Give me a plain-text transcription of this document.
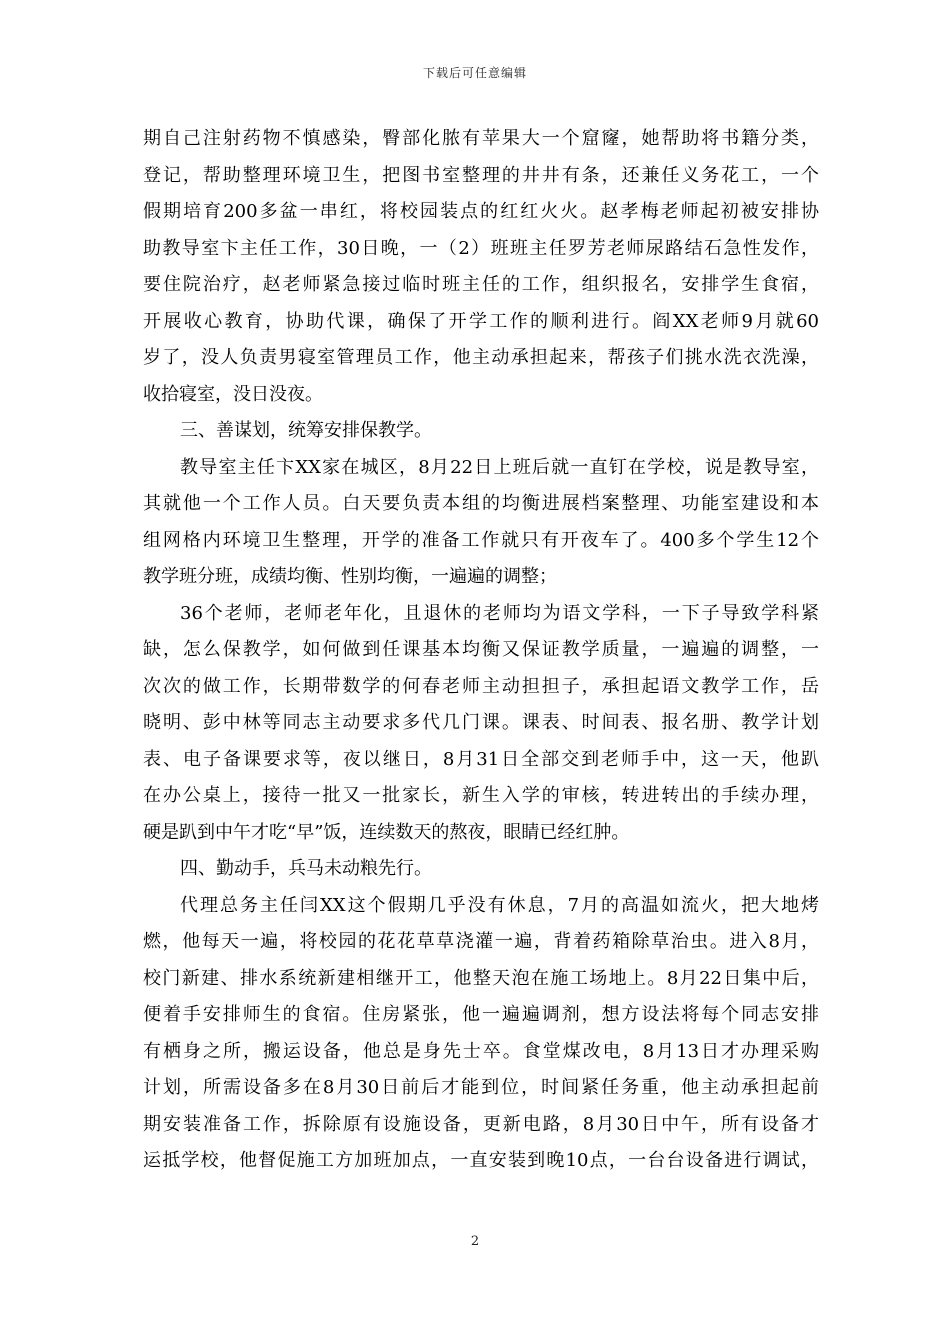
下载后可任意编辑
期自己注射药物不慎感染，臀部化脓有苹果大一个窟窿，她帮助将书籍分类，
登记，帮助整理环境卫生，把图书室整理的井井有条，还兼任义务花工，一个
假期培育200多盆一串红，将校园装点的红红火火。赵孝梅老师起初被安排协
助教导室卞主任工作，30日晚，一（2）班班主任罗芳老师尿路结石急性发作，
要住院治疗，赵老师紧急接过临时班主任的工作，组织报名，安排学生食宿，
开展收心教育，协助代课，确保了开学工作的顺利进行。阎XX老师9月就60
岁了，没人负责男寝室管理员工作，他主动承担起来，帮孩子们挑水洗衣洗澡，
收拾寝室，没日没夜。
三、善谋划，统筹安排保教学。
教导室主任卞XX家在城区，8月22日上班后就一直钉在学校，说是教导室，
其就他一个工作人员。白天要负责本组的均衡进展档案整理、功能室建设和本
组网格内环境卫生整理，开学的准备工作就只有开夜车了。400多个学生12个
教学班分班，成绩均衡、性别均衡，一遍遍的调整；
36个老师，老师老年化，且退休的老师均为语文学科，一下子导致学科紧
缺，怎么保教学，如何做到任课基本均衡又保证教学质量，一遍遍的调整，一
次次的做工作，长期带数学的何春老师主动担担子，承担起语文教学工作，岳
晓明、彭中林等同志主动要求多代几门课。课表、时间表、报名册、教学计划
表、电子备课要求等，夜以继日，8月31日全部交到老师手中，这一天，他趴
在办公桌上，接待一批又一批家长，新生入学的审核，转进转出的手续办理，
硬是趴到中午才吃“早”饭，连续数天的熬夜，眼睛已经红肿。
四、勤动手，兵马未动粮先行。
代理总务主任闫XX这个假期几乎没有休息，7月的高温如流火，把大地烤
燃，他每天一遍，将校园的花花草草浇灌一遍，背着药箱除草治虫。进入8月，
校门新建、排水系统新建相继开工，他整天泡在施工场地上。8月22日集中后，
便着手安排师生的食宿。住房紧张，他一遍遍调剂，想方设法将每个同志安排
有栖身之所，搬运设备，他总是身先士卒。食堂煤改电，8月13日才办理采购
计划，所需设备多在8月30日前后才能到位，时间紧任务重，他主动承担起前
期安装准备工作，拆除原有设施设备，更新电路，8月30日中午，所有设备才
运抵学校，他督促施工方加班加点，一直安装到晚10点，一台台设备进行调试，
2
